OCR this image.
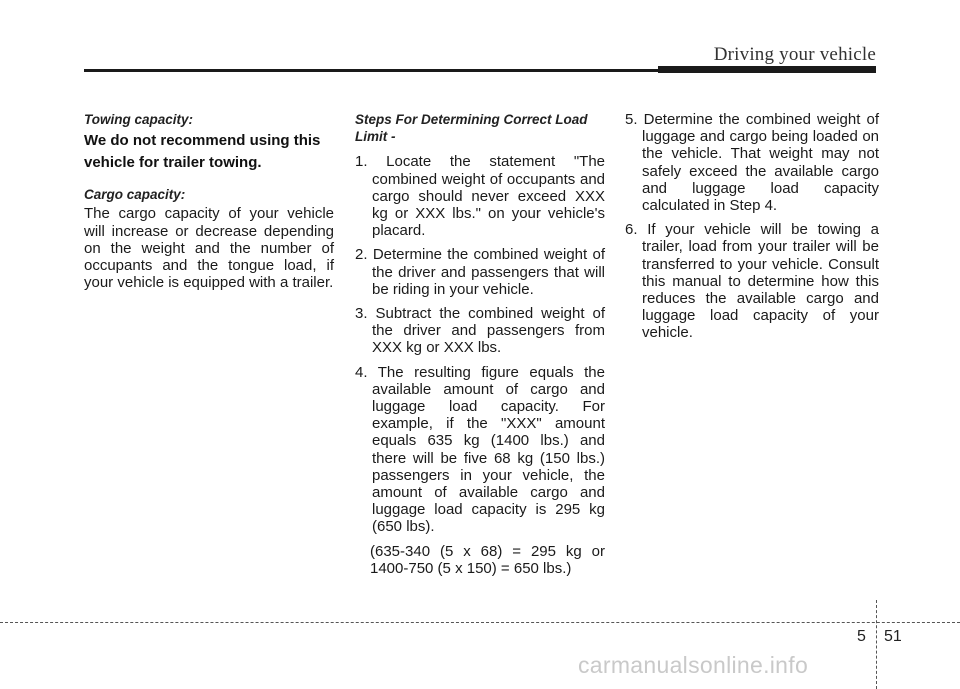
Driving your vehicle
Towing capacity:
We do not recommend using this
vehicle for trailer towing.
Cargo capacity:

The cargo capacity of your vehicle will increase or decrease depending on the weight and the number of occupants and the tongue load, if your vehicle is equipped with a trailer.

Steps For Determining Correct Load Limit -
1. Locate the statement "The combined weight of occupants and cargo should never exceed XXX kg or XXX lbs." on your vehicle's placard.
2. Determine the combined weight of the driver and passengers that will be riding in your vehicle.
3. Subtract the combined weight of the driver and passengers from XXX kg or XXX lbs.
4. The resulting figure equals the available amount of cargo and luggage load capacity. For example, if the "XXX" amount equals 635 kg (1400 lbs.) and there will be five 68 kg (150 lbs.) passengers in your vehicle, the amount of available cargo and luggage load capacity is 295 kg (650 lbs).

(635-340 (5 x 68) = 295 kg or 1400-750 (5 x 150) = 650 lbs.)

5. Determine the combined weight of luggage and cargo being loaded on the vehicle. That weight may not safely exceed the available cargo and luggage load capacity calculated in Step 4.
6. If your vehicle will be towing a trailer, load from your trailer will be transferred to your vehicle. Consult this manual to determine how this reduces the available cargo and luggage load capacity of your vehicle.
5 51
carmanualsonline.info
